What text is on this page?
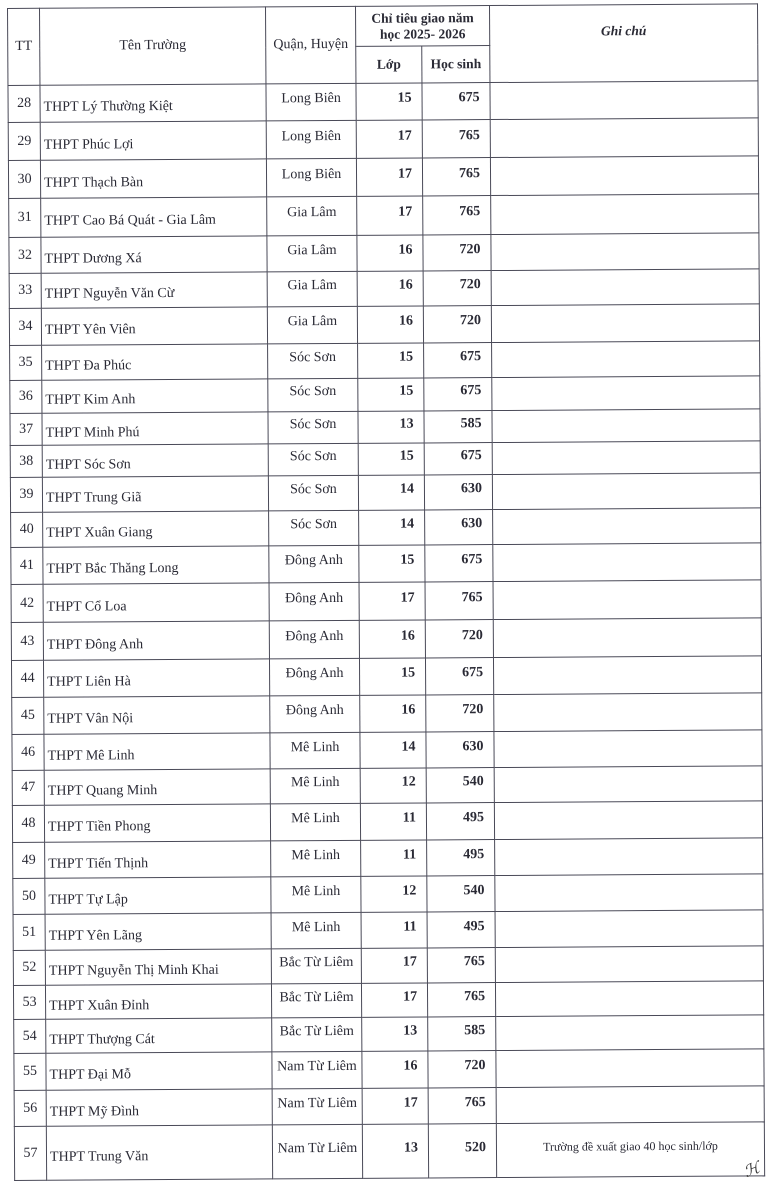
TT	Tên Trường	Quận, Huyện	Chỉ tiêu giao năm
học 2025- 2026		Ghi chú
			Lớp	Học sinh	
28	THPT Lý Thường Kiệt	Long Biên	15	675	
29	THPT Phúc Lợi	Long Biên	17	765	
30	THPT Thạch Bàn	Long Biên	17	765	
31	THPT Cao Bá Quát - Gia Lâm	Gia Lâm	17	765	
32	THPT Dương Xá	Gia Lâm	16	720	
33	THPT Nguyễn Văn Cừ	Gia Lâm	16	720	
34	THPT Yên Viên	Gia Lâm	16	720	
35	THPT Đa Phúc	Sóc Sơn	15	675	
36	THPT Kim Anh	Sóc Sơn	15	675	
37	THPT Minh Phú	Sóc Sơn	13	585	
38	THPT Sóc Sơn	Sóc Sơn	15	675	
39	THPT Trung Giã	Sóc Sơn	14	630	
40	THPT Xuân Giang	Sóc Sơn	14	630	
41	THPT Bắc Thăng Long	Đông Anh	15	675	
42	THPT Cổ Loa	Đông Anh	17	765	
43	THPT Đông Anh	Đông Anh	16	720	
44	THPT Liên Hà	Đông Anh	15	675	
45	THPT Vân Nội	Đông Anh	16	720	
46	THPT Mê Linh	Mê Linh	14	630	
47	THPT Quang Minh	Mê Linh	12	540	
48	THPT Tiền Phong	Mê Linh	11	495	
49	THPT Tiến Thịnh	Mê Linh	11	495	
50	THPT Tự Lập	Mê Linh	12	540	
51	THPT Yên Lãng	Mê Linh	11	495	
52	THPT Nguyễn Thị Minh Khai	Bắc Từ Liêm	17	765	
53	THPT Xuân Đỉnh	Bắc Từ Liêm	17	765	
54	THPT Thượng Cát	Bắc Từ Liêm	13	585	
55	THPT Đại Mỗ	Nam Từ Liêm	16	720	
56	THPT Mỹ Đình	Nam Từ Liêm	17	765	
57	THPT Trung Văn	Nam Từ Liêm	13	520	Trường đề xuất giao 40 học sinh/lớp
ℋ
